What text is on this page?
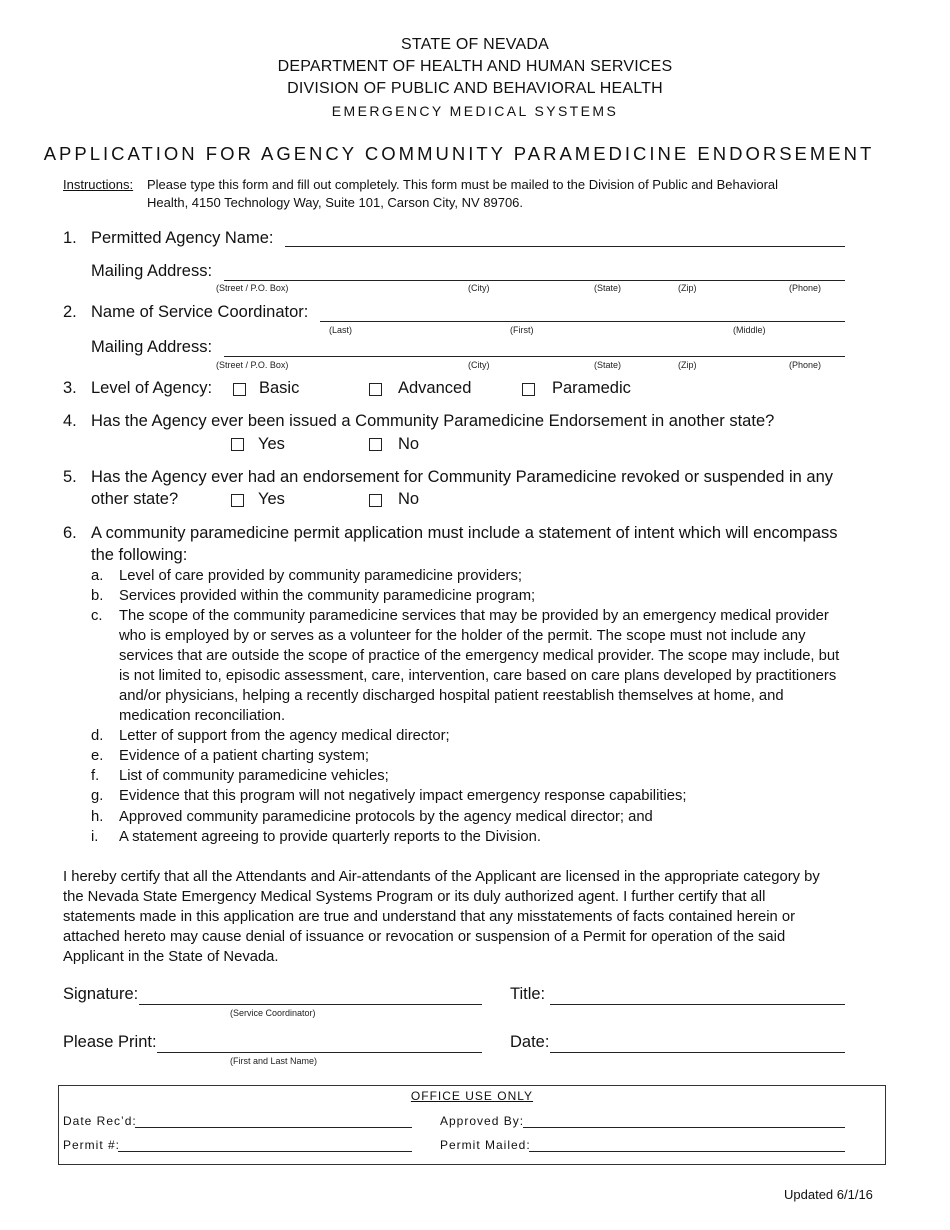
STATE OF NEVADA
DEPARTMENT OF HEALTH AND HUMAN SERVICES
DIVISION OF PUBLIC AND BEHAVIORAL HEALTH
EMERGENCY MEDICAL SYSTEMS
APPLICATION FOR AGENCY COMMUNITY PARAMEDICINE ENDORSEMENT
Instructions: Please type this form and fill out completely. This form must be mailed to the Division of Public and Behavioral
Health, 4150 Technology Way, Suite 101, Carson City, NV 89706.
1. Permitted Agency Name:
Mailing Address:
(Street / P.O. Box)	(City)	(State)	(Zip)	(Phone)
2. Name of Service Coordinator:
(Last)	(First)	(Middle)
Mailing Address:
(Street / P.O. Box)	(City)	(State)	(Zip)	(Phone)
3. Level of Agency:	Basic	Advanced	Paramedic
4. Has the Agency ever been issued a Community Paramedicine Endorsement in another state?
Yes	No
5. Has the Agency ever had an endorsement for Community Paramedicine revoked or suspended in any
other state?	Yes	No
6. A community paramedicine permit application must include a statement of intent which will encompass
the following:
a. Level of care provided by community paramedicine providers;
b. Services provided within the community paramedicine program;
c. The scope of the community paramedicine services that may be provided by an emergency medical provider
who is employed by or serves as a volunteer for the holder of the permit. The scope must not include any
services that are outside the scope of practice of the emergency medical provider. The scope may include, but
is not limited to, episodic assessment, care, intervention, care based on care plans developed by practitioners
and/or physicians, helping a recently discharged hospital patient reestablish themselves at home, and
medication reconciliation.
d. Letter of support from the agency medical director;
e. Evidence of a patient charting system;
f. List of community paramedicine vehicles;
g. Evidence that this program will not negatively impact emergency response capabilities;
h. Approved community paramedicine protocols by the agency medical director; and
i. A statement agreeing to provide quarterly reports to the Division.
I hereby certify that all the Attendants and Air-attendants of the Applicant are licensed in the appropriate category by
the Nevada State Emergency Medical Systems Program or its duly authorized agent. I further certify that all
statements made in this application are true and understand that any misstatements of facts contained herein or
attached hereto may cause denial of issuance or revocation or suspension of a Permit for operation of the said
Applicant in the State of Nevada.
Signature:
(Service Coordinator)
Title:
Please Print:
(First and Last Name)
Date:
OFFICE USE ONLY
Date Rec’d:	Approved By:
Permit #:	Permit Mailed:
Updated 6/1/16
